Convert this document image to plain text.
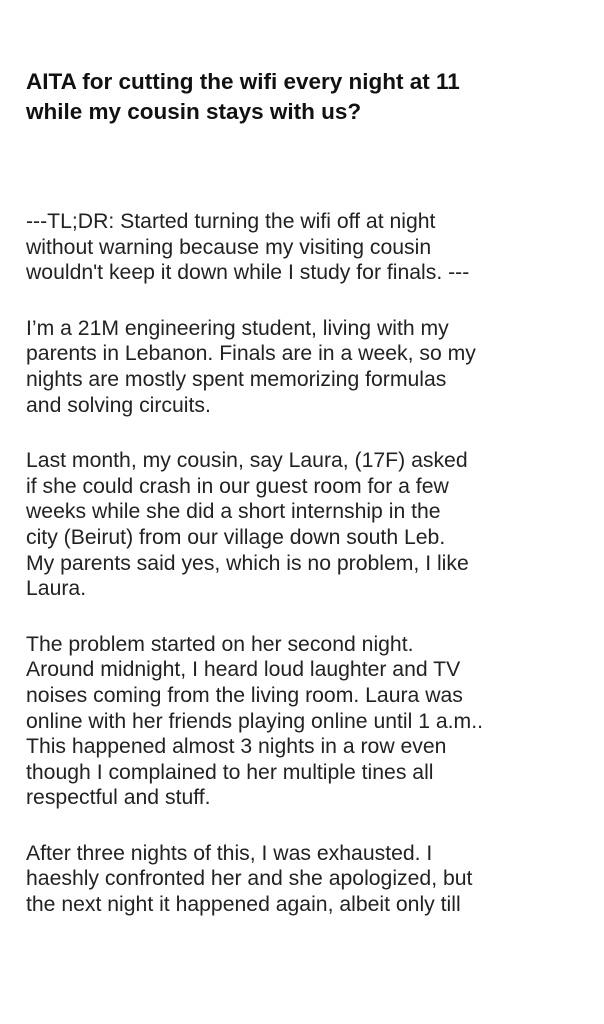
AITA for cutting the wifi every night at 11
while my cousin stays with us?

---TL;DR: Started turning the wifi off at night
without warning because my visiting cousin
wouldn't keep it down while I study for finals. ---

I’m a 21M engineering student, living with my
parents in Lebanon. Finals are in a week, so my
nights are mostly spent memorizing formulas
and solving circuits.

Last month, my cousin, say Laura, (17F) asked
if she could crash in our guest room for a few
weeks while she did a short internship in the
city (Beirut) from our village down south Leb.
My parents said yes, which is no problem, I like
Laura.

The problem started on her second night.
Around midnight, I heard loud laughter and TV
noises coming from the living room. Laura was
online with her friends playing online until 1 a.m..
This happened almost 3 nights in a row even
though I complained to her multiple tines all
respectful and stuff.

After three nights of this, I was exhausted. I
haeshly confronted her and she apologized, but
the next night it happened again, albeit only till
